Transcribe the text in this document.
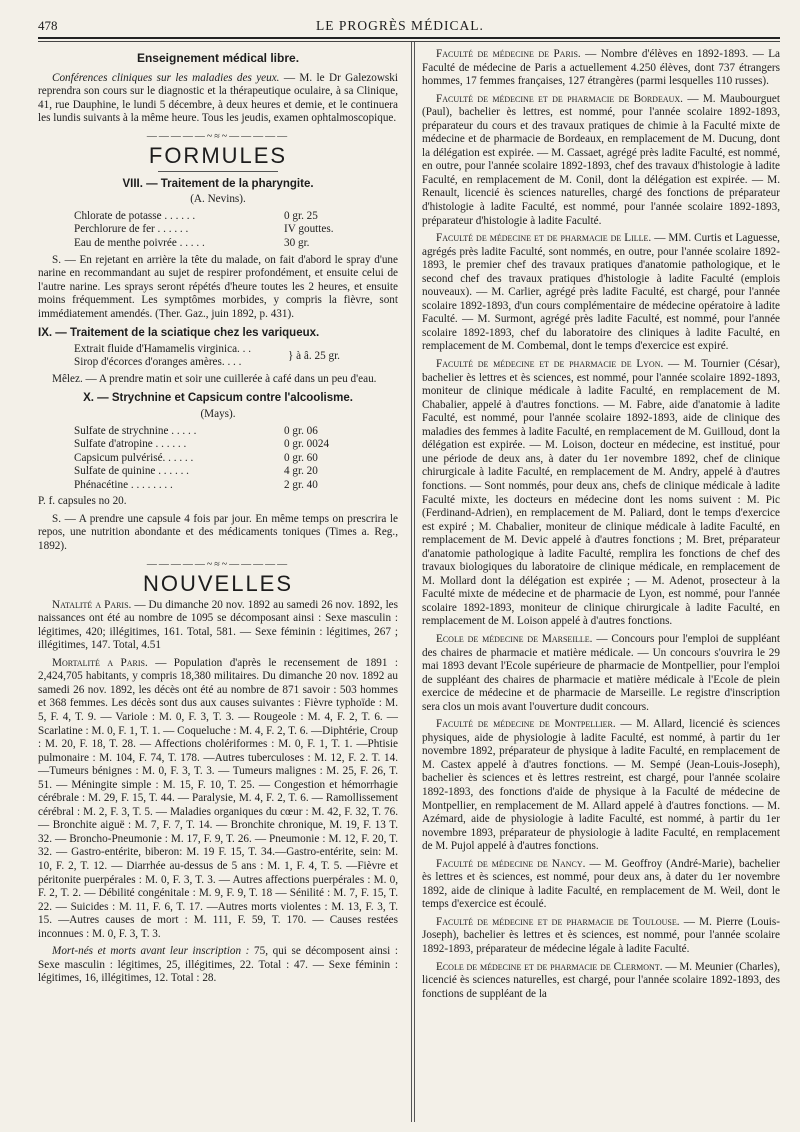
478	LE PROGRÈS MÉDICAL.
Enseignement médical libre.

Conférences cliniques sur les maladies des yeux. — M. le Dr Galezowski reprendra son cours sur le diagnostic et la thérapeutique oculaire, à sa Clinique, 41, rue Dauphine, le lundi 5 décembre, à deux heures et demie, et le continuera les lundis suivants à la même heure. Tous les jeudis, examen ophtalmoscopique.

—————~≈~—————
FORMULES
VIII. — Traitement de la pharyngite.
(A. Nevins).
Chlorate de potasse . . . . . .	0 gr. 25
Perchlorure de fer . . . . . .	IV gouttes.
Eau de menthe poivrée . . . . .	30 gr.

S. — En rejetant en arrière la tête du malade, on fait d'abord le spray d'une narine en recommandant au sujet de respirer profondément, et ensuite celui de l'autre narine. Les sprays seront répétés d'heure toutes les 2 heures, et ensuite moins fréquemment. Les symptômes morbides, y compris la fièvre, sont immédiatement amendés. (Ther. Gaz., juin 1892, p. 431).

IX. — Traitement de la sciatique chez les variqueux.
Extrait fluide d'Hamamelis virginica. . .
Sirop d'écorces d'oranges amères. . . .
} à â. 25 gr.

Mêlez. — A prendre matin et soir une cuillerée à café dans un peu d'eau.

X. — Strychnine et Capsicum contre l'alcoolisme.
(Mays).
Sulfate de strychnine . . . . .	0 gr. 06
Sulfate d'atropine . . . . . .	0 gr. 0024
Capsicum pulvérisé. . . . . .	0 gr. 60
Sulfate de quinine . . . . . .	4 gr. 20
Phénacétine . . . . . . . .	2 gr. 40

P. f. capsules no 20.

S. — A prendre une capsule 4 fois par jour. En même temps on prescrira le repos, une nutrition abondante et des médicaments toniques (Times a. Reg., 1892).

—————~≈~—————
NOUVELLES

Natalité a Paris. — Du dimanche 20 nov. 1892 au samedi 26 nov. 1892, les naissances ont été au nombre de 1095 se décomposant ainsi : Sexe masculin : légitimes, 420; illégitimes, 161. Total, 581. — Sexe féminin : légitimes, 267 ; illégitimes, 147. Total, 4.51

Mortalité a Paris. — Population d'après le recensement de 1891 : 2,424,705 habitants, y compris 18,380 militaires. Du dimanche 20 nov. 1892 au samedi 26 nov. 1892, les décès ont été au nombre de 871 savoir : 503 hommes et 368 femmes. Les décès sont dus aux causes suivantes : Fièvre typhoïde : M. 5, F. 4, T. 9. — Variole : M. 0, F. 3, T. 3. — Rougeole : M. 4, F. 2, T. 6. — Scarlatine : M. 0, F. 1, T. 1. — Coqueluche : M. 4, F. 2, T. 6. —Diphtérie, Croup : M. 20, F. 18, T. 28. — Affections cholériformes : M. 0, F. 1, T. 1. —Phtisie pulmonaire : M. 104, F. 74, T. 178. —Autres tuberculoses : M. 12, F. 2. T. 14. —Tumeurs bénignes : M. 0, F. 3, T. 3. — Tumeurs malignes : M. 25, F. 26, T. 51. — Méningite simple : M. 15, F. 10, T. 25. — Congestion et hémorrhagie cérébrale : M. 29, F. 15, T. 44. — Paralysie, M. 4, F. 2, T. 6. — Ramollissement cérébral : M. 2, F. 3, T. 5. — Maladies organiques du cœur : M. 42, F. 32, T. 76. — Bronchite aiguë : M. 7, F. 7, T. 14. — Bronchite chronique, M. 19, F. 13 T. 32. — Broncho-Pneumonie : M. 17, F. 9, T. 26. — Pneumonie : M. 12, F. 20, T. 32. — Gastro-entérite, biberon: M. 19 F. 15, T. 34.—Gastro-entérite, sein: M. 10, F. 2, T. 12. — Diarrhée au-dessus de 5 ans : M. 1, F. 4, T. 5. —Fièvre et péritonite puerpérales : M. 0, F. 3, T. 3. — Autres affections puerpérales : M. 0, F. 2, T. 2. — Débilité congénitale : M. 9, F. 9, T. 18 — Sénilité : M. 7, F. 15, T. 22. — Suicides : M. 11, F. 6, T. 17. —Autres morts violentes : M. 13, F. 3, T. 15. —Autres causes de mort : M. 111, F. 59, T. 170. — Causes restées inconnues : M. 0, F. 3, T. 3.

Mort-nés et morts avant leur inscription : 75, qui se décomposent ainsi : Sexe masculin : légitimes, 25, illégitimes, 22. Total : 47. — Sexe féminin : légitimes, 16, illégitimes, 12. Total : 28.

Faculté de médecine de Paris. — Nombre d'élèves en 1892-1893. — La Faculté de médecine de Paris a actuellement 4.250 élèves, dont 737 étrangers hommes, 17 femmes françaises, 127 étrangères (parmi lesquelles 110 russes).

Faculté de médecine et de pharmacie de Bordeaux. — M. Maubourguet (Paul), bachelier ès lettres, est nommé, pour l'année scolaire 1892-1893, préparateur du cours et des travaux pratiques de chimie à la Faculté mixte de médecine et de pharmacie de Bordeaux, en remplacement de M. Ducung, dont la délégation est expirée. — M. Cassaet, agrégé près ladite Faculté, est nommé, en outre, pour l'année scolaire 1892-1893, chef des travaux d'histologie à ladite Faculté, en remplacement de M. Conil, dont la délégation est expirée. — M. Renault, licencié ès sciences naturelles, chargé des fonctions de préparateur d'histologie à ladite Faculté, est nommé, pour l'année scolaire 1892-1893, préparateur d'histologie à ladite Faculté.

Faculté de médecine et de pharmacie de Lille. — MM. Curtis et Laguesse, agrégés près ladite Faculté, sont nommés, en outre, pour l'année scolaire 1892-1893, le premier chef des travaux pratiques d'anatomie pathologique, et le second chef des travaux pratiques d'histologie à ladite Faculté (emplois nouveaux). — M. Carlier, agrégé près ladite Faculté, est chargé, pour l'année scolaire 1892-1893, d'un cours complémentaire de médecine opératoire à ladite Faculté. — M. Surmont, agrégé près ladite Faculté, est nommé, pour l'année scolaire 1892-1893, chef du laboratoire des cliniques à ladite Faculté, en remplacement de M. Combemal, dont le temps d'exercice est expiré.

Faculté de médecine et de pharmacie de Lyon. — M. Tournier (César), bachelier ès lettres et ès sciences, est nommé, pour l'année scolaire 1892-1893, moniteur de clinique médicale à ladite Faculté, en remplacement de M. Chabalier, appelé à d'autres fonctions. — M. Fabre, aide d'anatomie à ladite Faculté, est nommé, pour l'année scolaire 1892-1893, aide de clinique des maladies des femmes à ladite Faculté, en remplacement de M. Guilloud, dont la délégation est expirée. — M. Loison, docteur en médecine, est institué, pour une période de deux ans, à dater du 1er novembre 1892, chef de clinique chirurgicale à ladite Faculté, en remplacement de M. Andry, appelé à d'autres fonctions. — Sont nommés, pour deux ans, chefs de clinique médicale à ladite Faculté mixte, les docteurs en médecine dont les noms suivent : M. Pic (Ferdinand-Adrien), en remplacement de M. Paliard, dont le temps d'exercice est expiré ; M. Chabalier, moniteur de clinique médicale à ladite Faculté, en remplacement de M. Devic appelé à d'autres fonctions ; M. Bret, préparateur d'anatomie pathologique à ladite Faculté, remplira les fonctions de chef des travaux biologiques du laboratoire de clinique médicale, en remplacement de M. Mollard dont la délégation est expirée ; — M. Adenot, prosecteur à la Faculté mixte de médecine et de pharmacie de Lyon, est nommé, pour l'année scolaire 1892-1893, moniteur de clinique chirurgicale à ladite Faculté, en remplacement de M. Loison appelé à d'autres fonctions.

Ecole de médecine de Marseille. — Concours pour l'emploi de suppléant des chaires de pharmacie et matière médicale. — Un concours s'ouvrira le 29 mai 1893 devant l'Ecole supérieure de pharmacie de Montpellier, pour l'emploi de suppléant des chaires de pharmacie et matière médicale à l'Ecole de plein exercice de médecine et de pharmacie de Marseille. Le registre d'inscription sera clos un mois avant l'ouverture dudit concours.

Faculté de médecine de Montpellier. — M. Allard, licencié ès sciences physiques, aide de physiologie à ladite Faculté, est nommé, à partir du 1er novembre 1892, préparateur de physique à ladite Faculté, en remplacement de M. Castex appelé à d'autres fonctions. — M. Sempé (Jean-Louis-Joseph), bachelier ès sciences et ès lettres restreint, est chargé, pour l'année scolaire 1892-1893, des fonctions d'aide de physique à la Faculté de médecine de Montpellier, en remplacement de M. Allard appelé à d'autres fonctions. — M. Azémard, aide de physiologie à ladite Faculté, est nommé, à partir du 1er novembre 1893, préparateur de physiologie à ladite Faculté, en remplacement de M. Pujol appelé à d'autres fonctions.

Faculté de médecine de Nancy. — M. Geoffroy (André-Marie), bachelier ès lettres et ès sciences, est nommé, pour deux ans, à dater du 1er novembre 1892, aide de clinique à ladite Faculté, en remplacement de M. Weil, dont le temps d'exercice est écoulé.

Faculté de médecine et de pharmacie de Toulouse. — M. Pierre (Louis-Joseph), bachelier ès lettres et ès sciences, est nommé, pour l'année scolaire 1892-1893, préparateur de médecine légale à ladite Faculté.

Ecole de médecine et de pharmacie de Clermont. — M. Meunier (Charles), licencié ès sciences naturelles, est chargé, pour l'année scolaire 1892-1893, des fonctions de suppléant de la
